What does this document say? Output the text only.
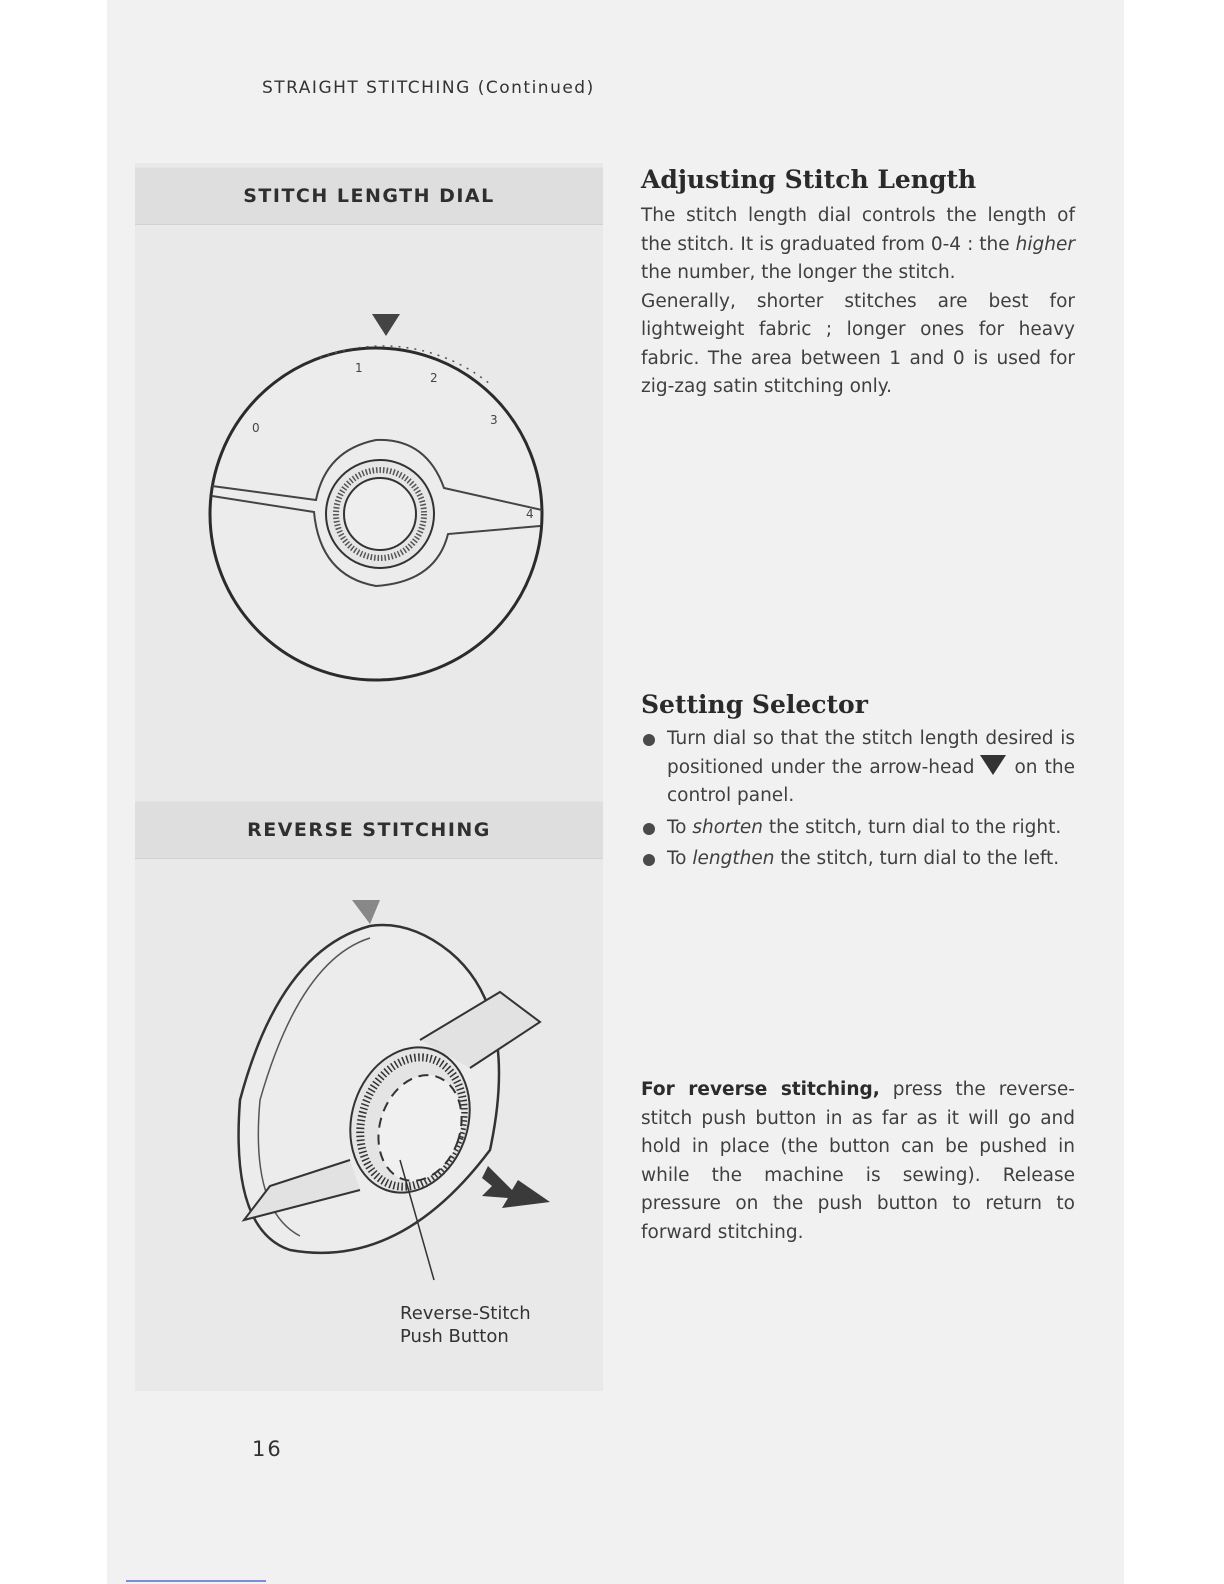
STRAIGHT STITCHING (Continued)
STITCH LENGTH DIAL
0
1
2
3
4
REVERSE STITCHING
Reverse-Stitch
Push Button
Adjusting Stitch Length

The stitch length dial controls the length of the stitch. It is graduated from 0-4 : the higher the number, the longer the stitch.

Generally, shorter stitches are best for lightweight fabric ; longer ones for heavy fabric. The area between 1 and 0 is used for zig-zag satin stitching only.

Setting Selector
Turn dial so that the stitch length desired is positioned under the arrow-head on the control panel.
To shorten the stitch, turn dial to the right.
To lengthen the stitch, turn dial to the left.

For reverse stitching, press the reverse-stitch push button in as far as it will go and hold in place (the button can be pushed in while the machine is sewing). Release pressure on the push button to return to forward stitching.

16
